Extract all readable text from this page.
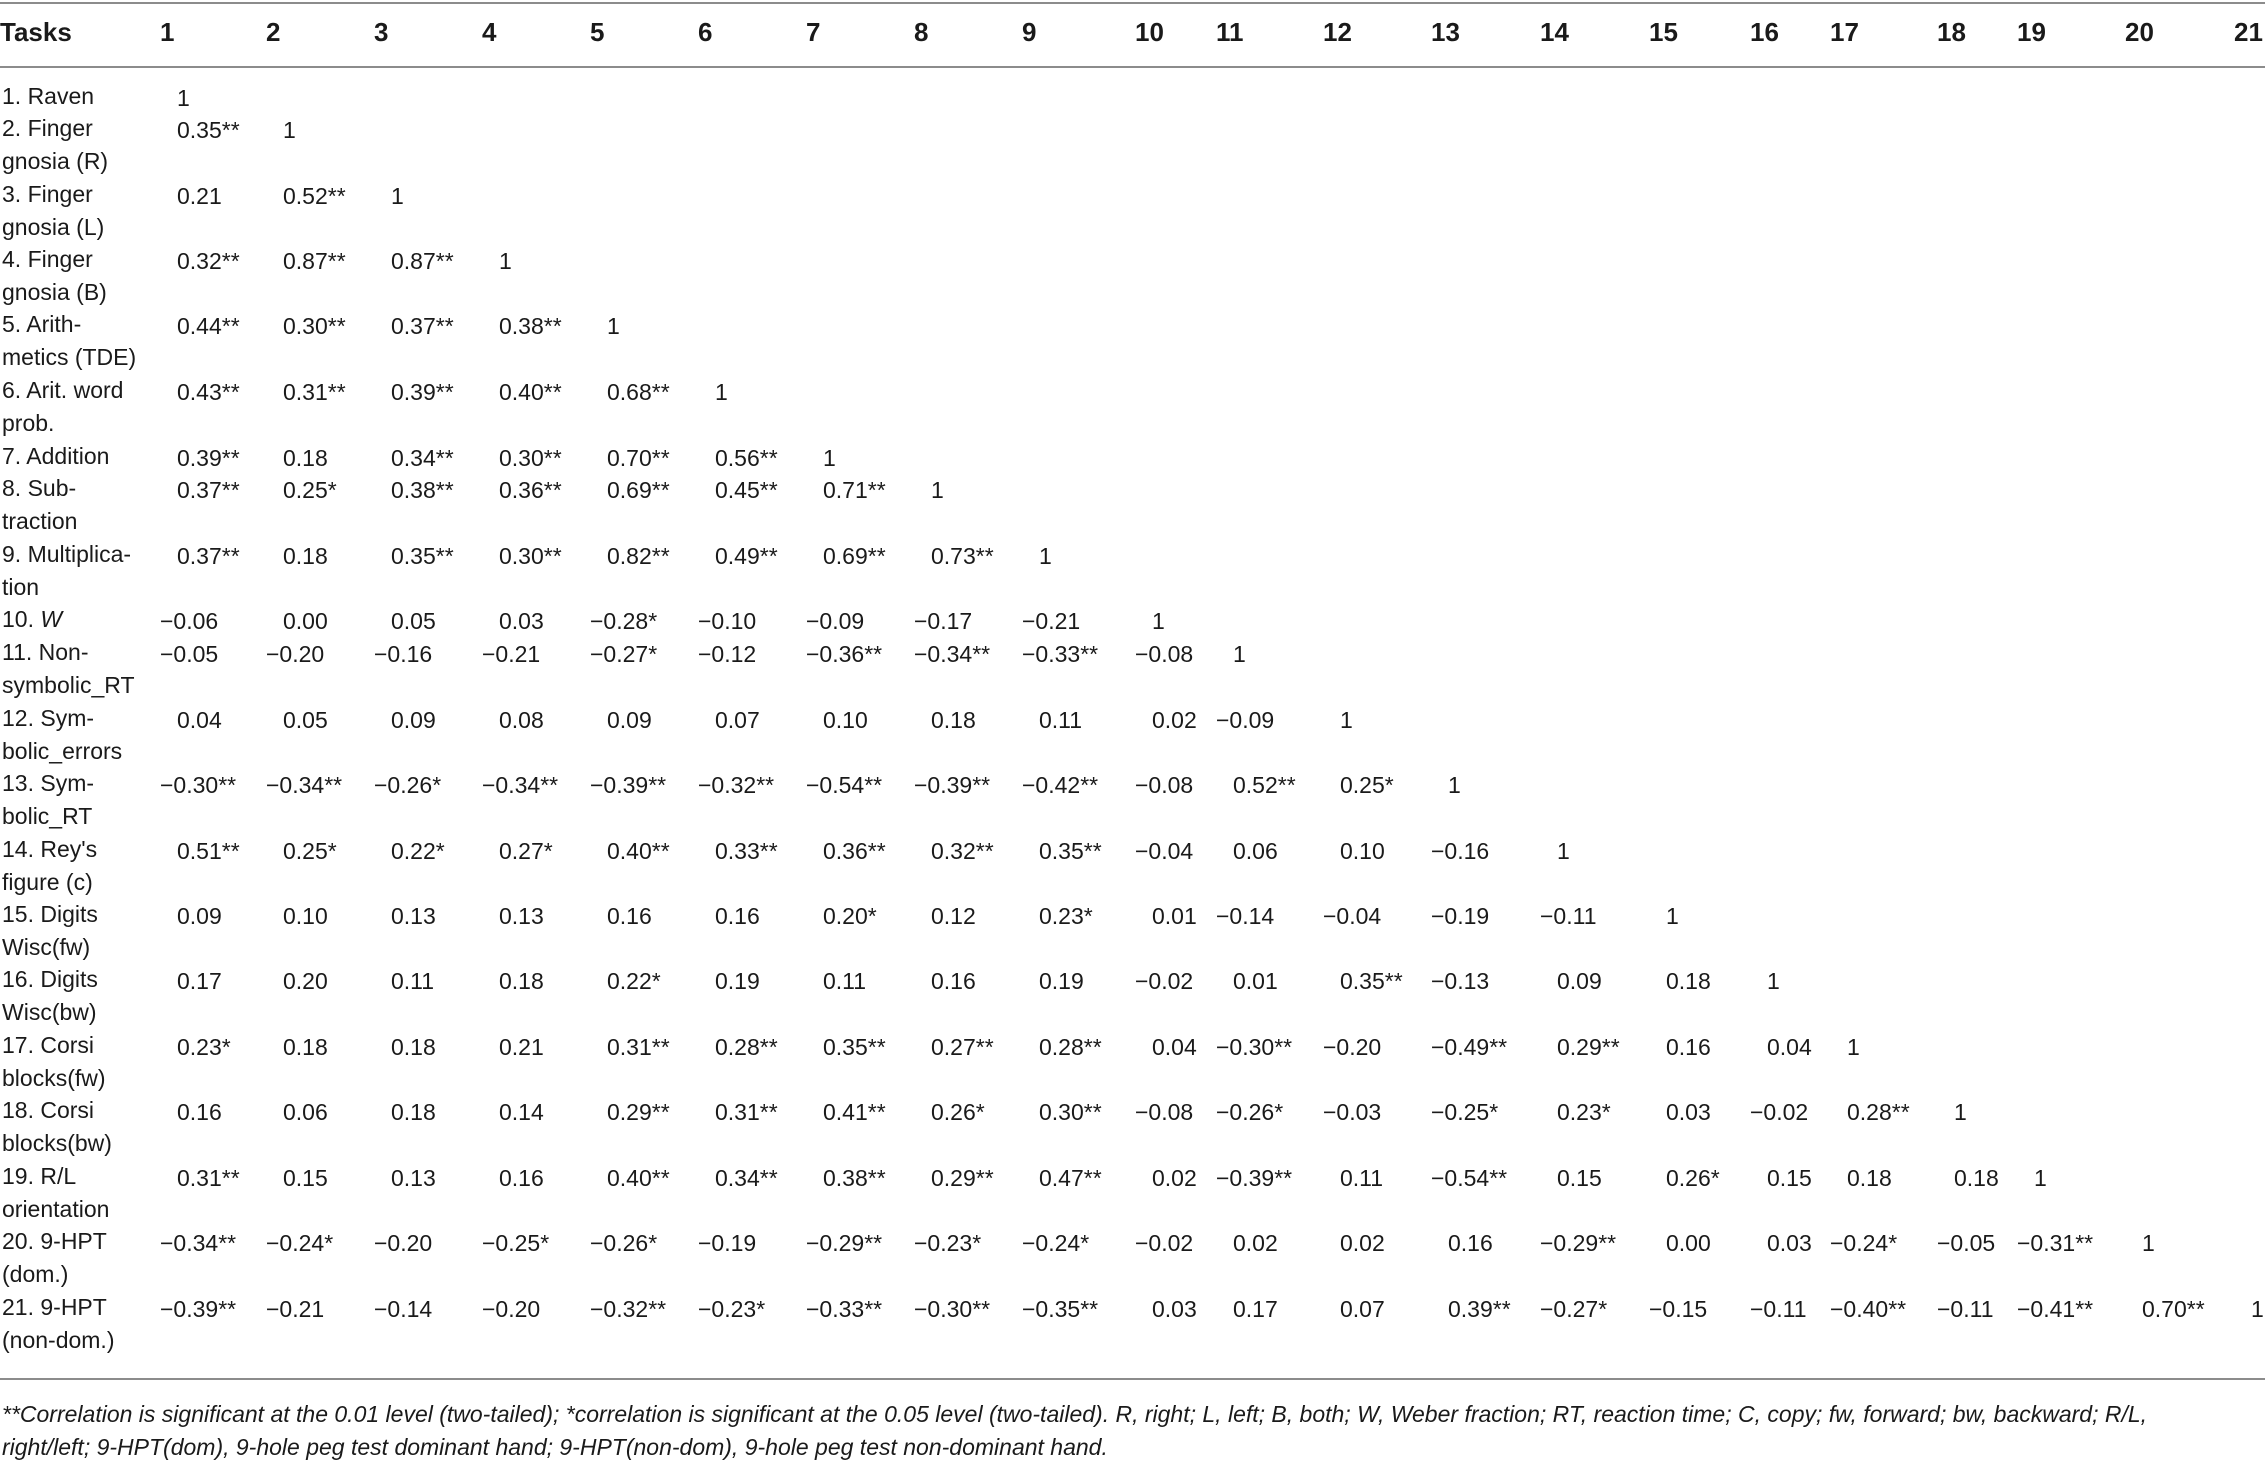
Tasks	1	2	3	4	5	6	7	8	9	10 11	12	13	14	15	16 17	18 19	20	21
1. Raven	1
2. Finger
gnosia (R)
0.35** 1
3. Finger
gnosia (L)
0.21	0.52** 1
4. Finger
gnosia (B)
0.32** 0.87** 0.87** 1
5. Arith-
metics (TDE)
0.44** 0.30** 0.37** 0.38** 1
6. Arit. word
prob.
0.43** 0.31** 0.39** 0.40** 0.68** 1
7. Addition	0.39** 0.18	0.34** 0.30** 0.70** 0.56** 1
8. Sub-
traction
0.37** 0.25* 0.38** 0.36** 0.69** 0.45** 0.71** 1
9. Multiplica-
tion
0.37** 0.18	0.35** 0.30** 0.82** 0.49** 0.69** 0.73** 1
10. W	−0.06	0.00	0.05	0.03 −0.28* −0.10 −0.09 −0.17 −0.21	1
11. Non-
symbolic_RT
−0.05 −0.20 −0.16 −0.21 −0.27* −0.12 −0.36** −0.34** −0.33** −0.08 1
12. Sym-
bolic_errors
0.04	0.05	0.09	0.08	0.09	0.07	0.10	0.18	0.11	0.02 −0.09	1
13. Sym-
bolic_RT
−0.30** −0.34** −0.26* −0.34** −0.39** −0.32** −0.54** −0.39** −0.42** −0.08 0.52** 0.25* 1
14. Rey's
figure (c)
0.51** 0.25* 0.22* 0.27* 0.40** 0.33** 0.36** 0.32** 0.35** −0.04 0.06	0.10 −0.16	1
15. Digits
Wisc(fw)
0.09	0.10	0.13	0.13	0.16	0.16	0.20* 0.12	0.23*	0.01 −0.14 −0.04 −0.19 −0.11	1
16. Digits
Wisc(bw)
0.17	0.20	0.11	0.18	0.22* 0.19	0.11	0.16	0.19 −0.02 0.01	0.35** −0.13	0.09	0.18 1
17. Corsi
blocks(fw)
0.23* 0.18	0.18	0.21	0.31** 0.28** 0.35** 0.27** 0.28** 0.04 −0.30** −0.20 −0.49** 0.29** 0.16 0.04 1
18. Corsi
blocks(bw)
0.16	0.06	0.18	0.14	0.29** 0.31** 0.41** 0.26* 0.30** −0.08 −0.26* −0.03 −0.25*	0.23* 0.03 −0.02 0.28** 1
19. R/L
orientation
0.31** 0.15	0.13	0.16	0.40** 0.34** 0.38** 0.29** 0.47** 0.02 −0.39** 0.11 −0.54** 0.15	0.26* 0.15 0.18	0.18 1
20. 9-HPT
(dom.)
−0.34** −0.24* −0.20 −0.25* −0.26* −0.19 −0.29** −0.23* −0.24* −0.02 0.02	0.02	0.16 −0.29** 0.00 0.03 −0.24* −0.05 −0.31** 1
21. 9-HPT
(non-dom.)
−0.39** −0.21 −0.14 −0.20 −0.32** −0.23* −0.33** −0.30** −0.35** 0.03 0.17	0.07	0.39** −0.27* −0.15 −0.11 −0.40** −0.11 −0.41** 0.70** 1
**Correlation is significant at the 0.01 level (two-tailed); *correlation is significant at the 0.05 level (two-tailed). R, right; L, left; B, both; W, Weber fraction; RT, reaction time; C, copy; fw, forward; bw, backward; R/L,
right/left; 9-HPT(dom), 9-hole peg test dominant hand; 9-HPT(non-dom), 9-hole peg test non-dominant hand.
